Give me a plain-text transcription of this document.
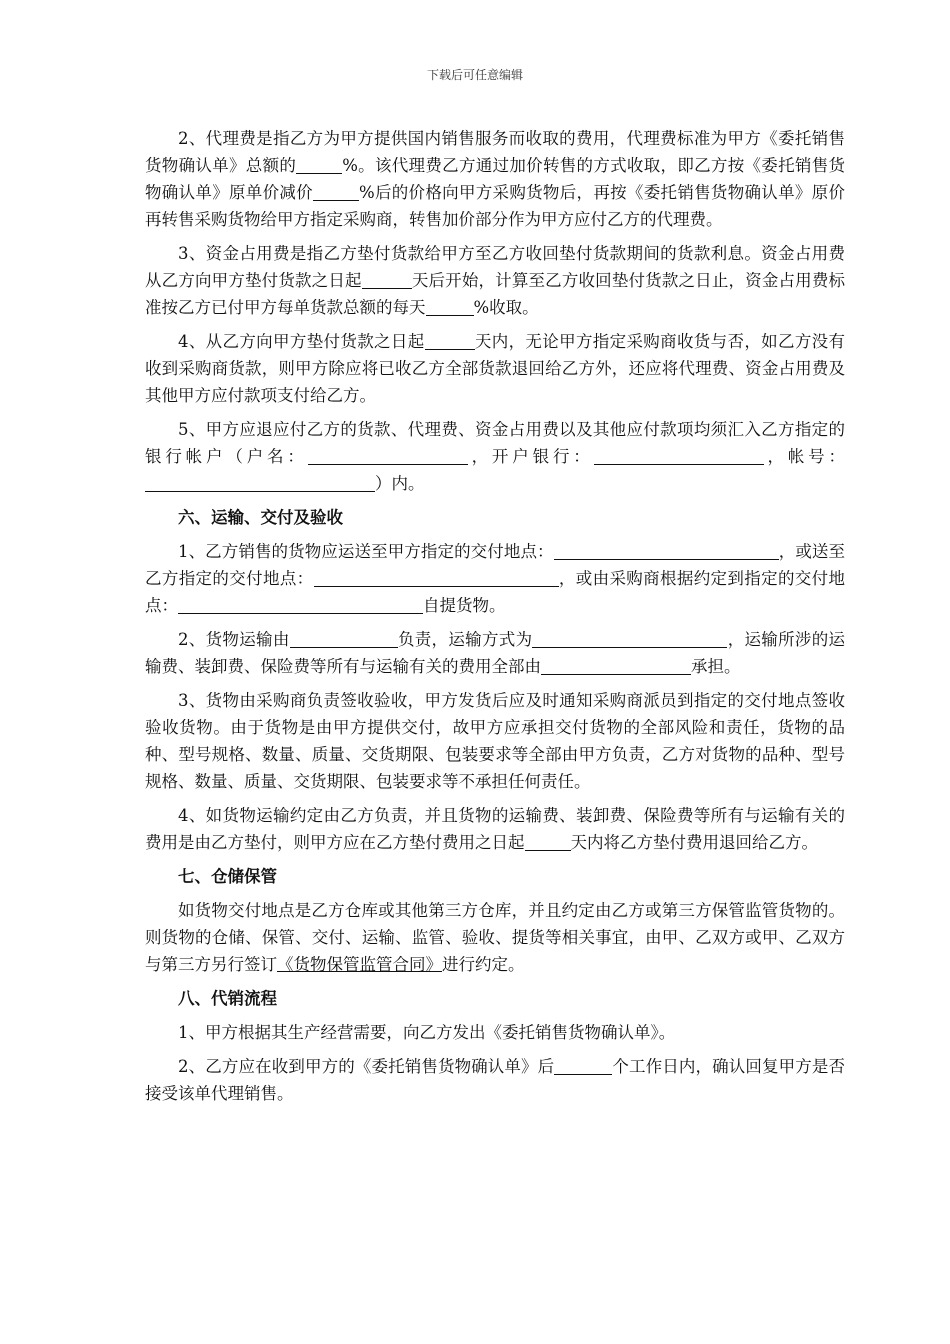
下载后可任意编辑

2、代理费是指乙方为甲方提供国内销售服务而收取的费用，代理费标准为甲方《委托销售货物确认单》总额的	%。该代理费乙方通过加价转售的方式收取，即乙方按《委托销售货物确认单》原单价减价	%后的价格向甲方采购货物后，再按《委托销售货物确认单》原价再转售采购货物给甲方指定采购商，转售加价部分作为甲方应付乙方的代理费。

3、资金占用费是指乙方垫付货款给甲方至乙方收回垫付货款期间的货款利息。资金占用费从乙方向甲方垫付货款之日起	天后开始，计算至乙方收回垫付货款之日止，资金占用费标准按乙方已付甲方每单货款总额的每天	%收取。

4、从乙方向甲方垫付货款之日起	天内，无论甲方指定采购商收货与否，如乙方没有收到采购商货款，则甲方除应将已收乙方全部货款退回给乙方外，还应将代理费、资金占用费及其他甲方应付款项支付给乙方。

5、甲方应退应付乙方的货款、代理费、资金占用费以及其他应付款项均须汇入乙方指定的银行帐户（户名：	，开户银行：	，帐号：）内。

六、运输、交付及验收

1、乙方销售的货物应运送至甲方指定的交付地点：	，或送至乙方指定的交付地点：	，或由采购商根据约定到指定的交付地点：	自提货物。

2、货物运输由	负责，运输方式为	，运输所涉的运输费、装卸费、保险费等所有与运输有关的费用全部由	承担。

3、货物由采购商负责签收验收，甲方发货后应及时通知采购商派员到指定的交付地点签收验收货物。由于货物是由甲方提供交付，故甲方应承担交付货物的全部风险和责任，货物的品种、型号规格、数量、质量、交货期限、包装要求等全部由甲方负责，乙方对货物的品种、型号规格、数量、质量、交货期限、包装要求等不承担任何责任。

4、如货物运输约定由乙方负责，并且货物的运输费、装卸费、保险费等所有与运输有关的费用是由乙方垫付，则甲方应在乙方垫付费用之日起	天内将乙方垫付费用退回给乙方。

七、仓储保管

如货物交付地点是乙方仓库或其他第三方仓库，并且约定由乙方或第三方保管监管货物的。则货物的仓储、保管、交付、运输、监管、验收、提货等相关事宜，由甲、乙双方或甲、乙双方与第三方另行签订《货物保管监管合同》进行约定。

八、代销流程

1、甲方根据其生产经营需要，向乙方发出《委托销售货物确认单》。

2、乙方应在收到甲方的《委托销售货物确认单》后	个工作日内，确认回复甲方是否接受该单代理销售。
